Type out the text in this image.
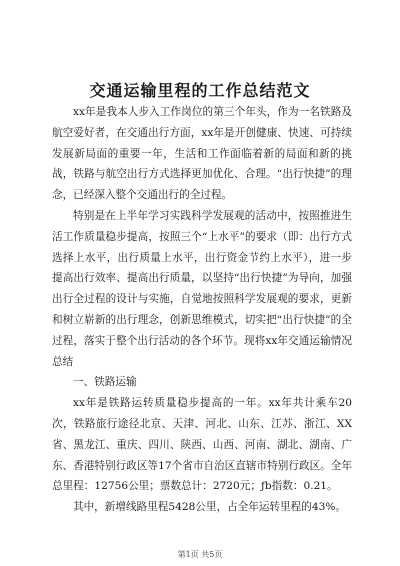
交通运输里程的工作总结范文

xx年是我本人步入工作岗位的第三个年头，作为一名铁路及航空爱好者，在交通出行方面，xx年是开创健康、快速、可持续发展新局面的重要一年，生活和工作面临着新的局面和新的挑战，铁路与航空出行方式选择更加优化、合理。“出行快捷”的理念，已经深入整个交通出行的全过程。

特别是在上半年学习实践科学发展观的活动中，按照推进生活工作质量稳步提高，按照三个“上水平”的要求（即：出行方式选择上水平，出行质量上水平，出行资金节约上水平），进一步提高出行效率、提高出行质量，以坚持“出行快捷”为导向，加强出行全过程的设计与实施，自觉地按照科学发展观的要求，更新和树立崭新的出行理念，创新思维模式，切实把“出行快捷”的全过程，落实于整个出行活动的各个环节。现将xx年交通运输情况总结

一、铁路运输

xx年是铁路运转质量稳步提高的一年。xx年共计乘车20次，铁路旅行途径北京、天津、河北、山东、江苏、浙江、XX省、黑龙江、重庆、四川、陕西、山西、河南、湖北、湖南、广东、香港特别行政区等17个省市自治区直辖市特别行政区。全年总里程：12756公里；票数总计：2720元；ƒb指数：0.21。

其中，新增线路里程5428公里，占全年运转里程的43%。

第1页 共5页
